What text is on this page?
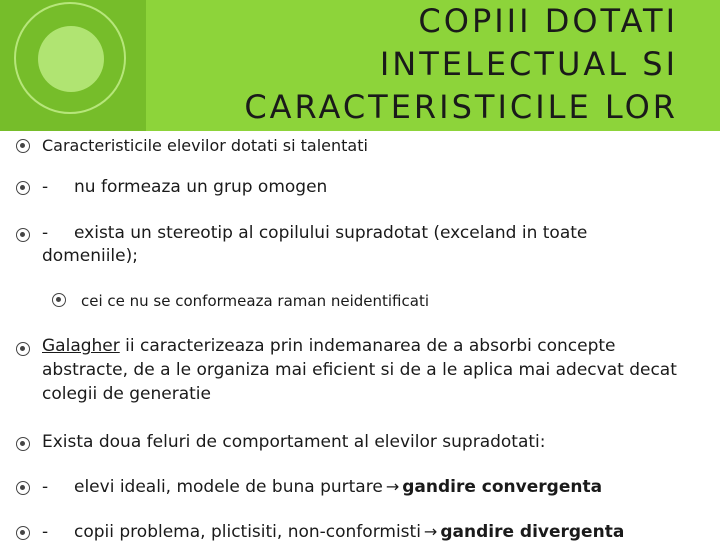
COPIII DOTATI
INTELECTUAL SI
CARACTERISTICILE LOR
Caracteristicile elevilor dotati si talentati
- nu formeaza un grup omogen
- exista un stereotip al copilului supradotat (exceland in toate
domeniile);
cei ce nu se conformeaza raman neidentificati
Galagher ii caracterizeaza prin indemanarea de a absorbi concepte
abstracte, de a le organiza mai eficient si de a le aplica mai adecvat decat
colegii de generatie
Exista doua feluri de comportament al elevilor supradotati:
- elevi ideali, modele de buna purtare → gandire convergenta
- copii problema, plictisiti, non-conformisti → gandire divergenta
